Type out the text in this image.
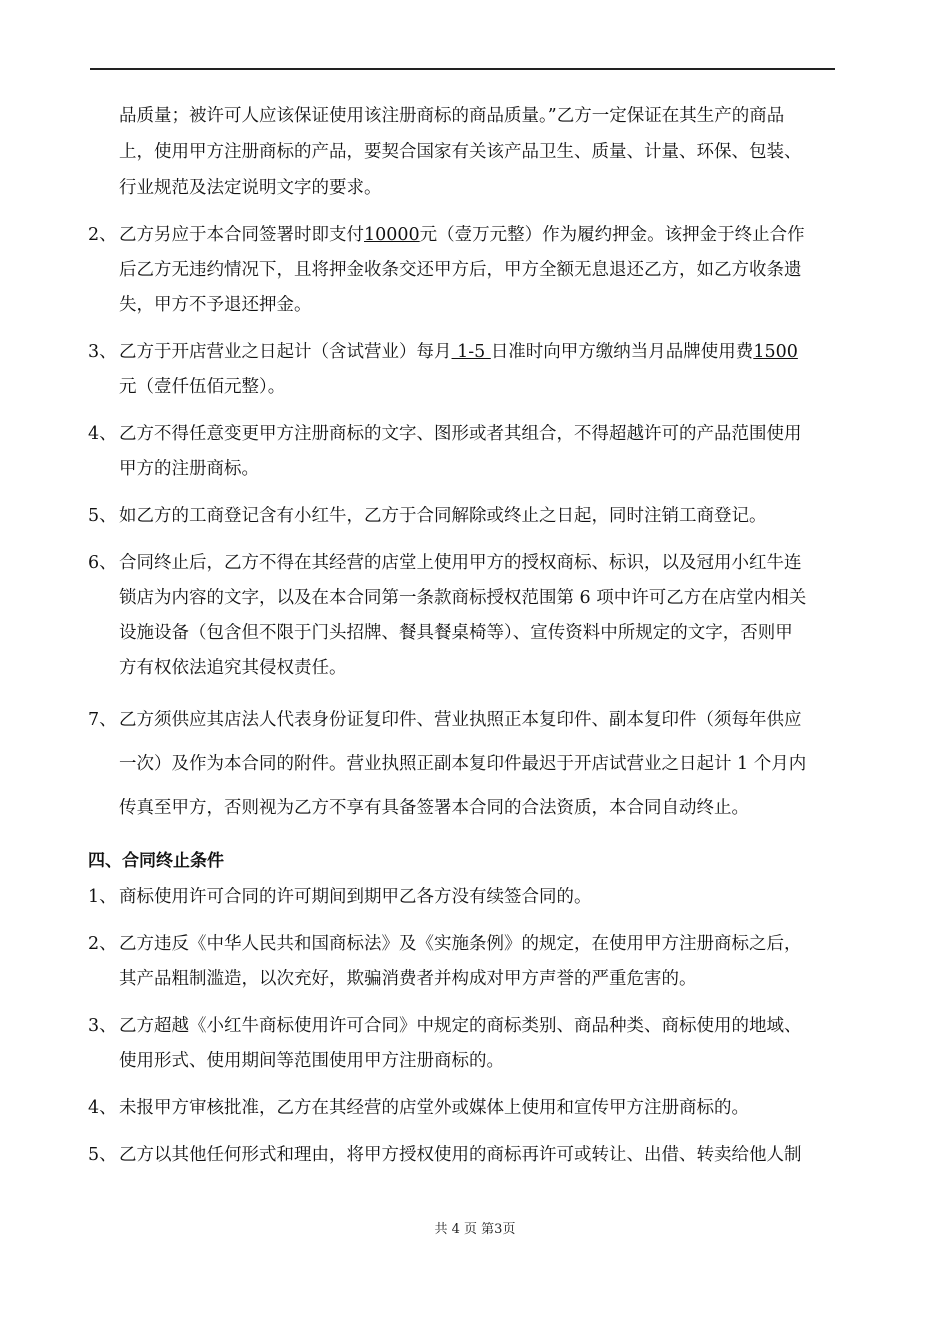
品质量；被许可人应该保证使用该注册商标的商品质量。”乙方一定保证在其生产的商品
上，使用甲方注册商标的产品，要契合国家有关该产品卫生、质量、计量、环保、包装、
行业规范及法定说明文字的要求。
2、 乙方另应于本合同签署时即支付10000元（壹万元整）作为履约押金。该押金于终止合作
后乙方无违约情况下，且将押金收条交还甲方后，甲方全额无息退还乙方，如乙方收条遗
失，甲方不予退还押金。
3、 乙方于开店营业之日起计（含试营业）每月 1-5 日准时向甲方缴纳当月品牌使用费1500
元（壹仟伍佰元整）。
4、 乙方不得任意变更甲方注册商标的文字、图形或者其组合，不得超越许可的产品范围使用
甲方的注册商标。
5、 如乙方的工商登记含有小红牛，乙方于合同解除或终止之日起，同时注销工商登记。
6、 合同终止后，乙方不得在其经营的店堂上使用甲方的授权商标、标识，以及冠用小红牛连
锁店为内容的文字，以及在本合同第一条款商标授权范围第 6 项中许可乙方在店堂内相关
设施设备（包含但不限于门头招牌、餐具餐桌椅等）、宣传资料中所规定的文字，否则甲
方有权依法追究其侵权责任。
7、 乙方须供应其店法人代表身份证复印件、营业执照正本复印件、副本复印件（须每年供应
一次）及作为本合同的附件。营业执照正副本复印件最迟于开店试营业之日起计 1 个月内
传真至甲方，否则视为乙方不享有具备签署本合同的合法资质，本合同自动终止。
四、合同终止条件
1、 商标使用许可合同的许可期间到期甲乙各方没有续签合同的。
2、 乙方违反《中华人民共和国商标法》及《实施条例》的规定，在使用甲方注册商标之后，
其产品粗制滥造，以次充好，欺骗消费者并构成对甲方声誉的严重危害的。
3、 乙方超越《小红牛商标使用许可合同》中规定的商标类别、商品种类、商标使用的地域、
使用形式、使用期间等范围使用甲方注册商标的。
4、 未报甲方审核批准，乙方在其经营的店堂外或媒体上使用和宣传甲方注册商标的。
5、 乙方以其他任何形式和理由，将甲方授权使用的商标再许可或转让、出借、转卖给他人制
共 4 页 第3页
